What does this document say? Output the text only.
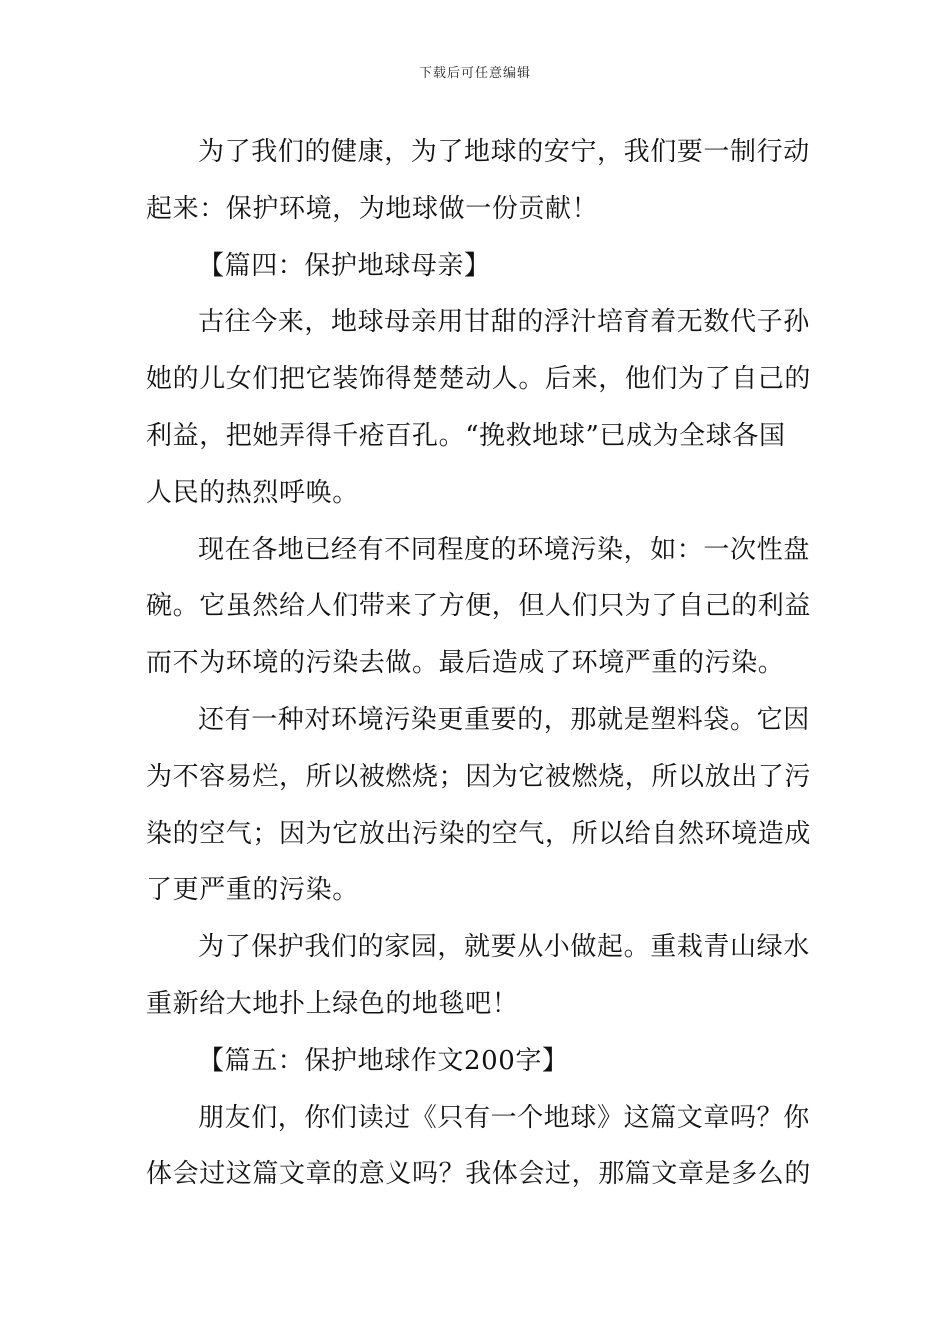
下载后可任意编辑
为了我们的健康，为了地球的安宁，我们要一制行动
起来：保护环境，为地球做一份贡献！
【篇四：保护地球母亲】
古往今来，地球母亲用甘甜的浮汁培育着无数代子孙
她的儿女们把它装饰得楚楚动人。后来，他们为了自己的
利益，把她弄得千疮百孔。“挽救地球”已成为全球各国
人民的热烈呼唤。
现在各地已经有不同程度的环境污染，如：一次性盘
碗。它虽然给人们带来了方便，但人们只为了自己的利益
而不为环境的污染去做。最后造成了环境严重的污染。
还有一种对环境污染更重要的，那就是塑料袋。它因
为不容易烂，所以被燃烧；因为它被燃烧，所以放出了污
染的空气；因为它放出污染的空气，所以给自然环境造成
了更严重的污染。
为了保护我们的家园，就要从小做起。重栽青山绿水
重新给大地扑上绿色的地毯吧！
【篇五：保护地球作文200字】
朋友们，你们读过《只有一个地球》这篇文章吗？你
体会过这篇文章的意义吗？我体会过，那篇文章是多么的
